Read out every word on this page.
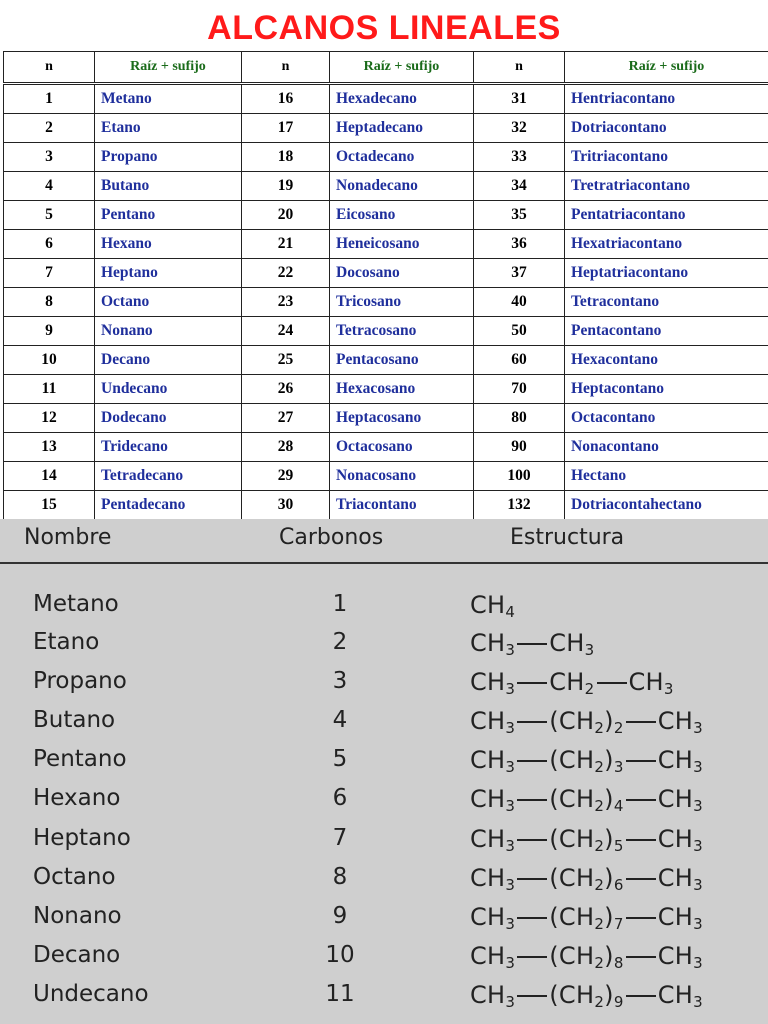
ALCANOS LINEALES
n	Raíz + sufijo	n	Raíz + sufijo	n	Raíz + sufijo
1	Metano	16	Hexadecano	31	Hentriacontano
2	Etano	17	Heptadecano	32	Dotriacontano
3	Propano	18	Octadecano	33	Tritriacontano
4	Butano	19	Nonadecano	34	Tretratriacontano
5	Pentano	20	Eicosano	35	Pentatriacontano
6	Hexano	21	Heneicosano	36	Hexatriacontano
7	Heptano	22	Docosano	37	Heptatriacontano
8	Octano	23	Tricosano	40	Tetracontano
9	Nonano	24	Tetracosano	50	Pentacontano
10	Decano	25	Pentacosano	60	Hexacontano
11	Undecano	26	Hexacosano	70	Heptacontano
12	Dodecano	27	Heptacosano	80	Octacontano
13	Tridecano	28	Octacosano	90	Nonacontano
14	Tetradecano	29	Nonacosano	100	Hectano
15	Pentadecano	30	Triacontano	132	Dotriacontahectano
Nombre	Carbonos	Estructura
Metano	1	$CH_4$
Etano	2	$CH_3$ $CH_3$
Propano	3	$CH_3$ $CH_2$ $CH_3$
Butano	4	$CH_3$ $(CH_2)_2$ $CH_3$
Pentano	5	$CH_3$ $(CH_2)_3$ $CH_3$
Hexano	6	$CH_3$ $(CH_2)_4$ $CH_3$
Heptano	7	$CH_3$ $(CH_2)_5$ $CH_3$
Octano	8	$CH_3$ $(CH_2)_6$ $CH_3$
Nonano	9	$CH_3$ $(CH_2)_7$ $CH_3$
Decano	10	$CH_3$ $(CH_2)_8$ $CH_3$
Undecano	11	$CH_3$ $(CH_2)_9$ $CH_3$
